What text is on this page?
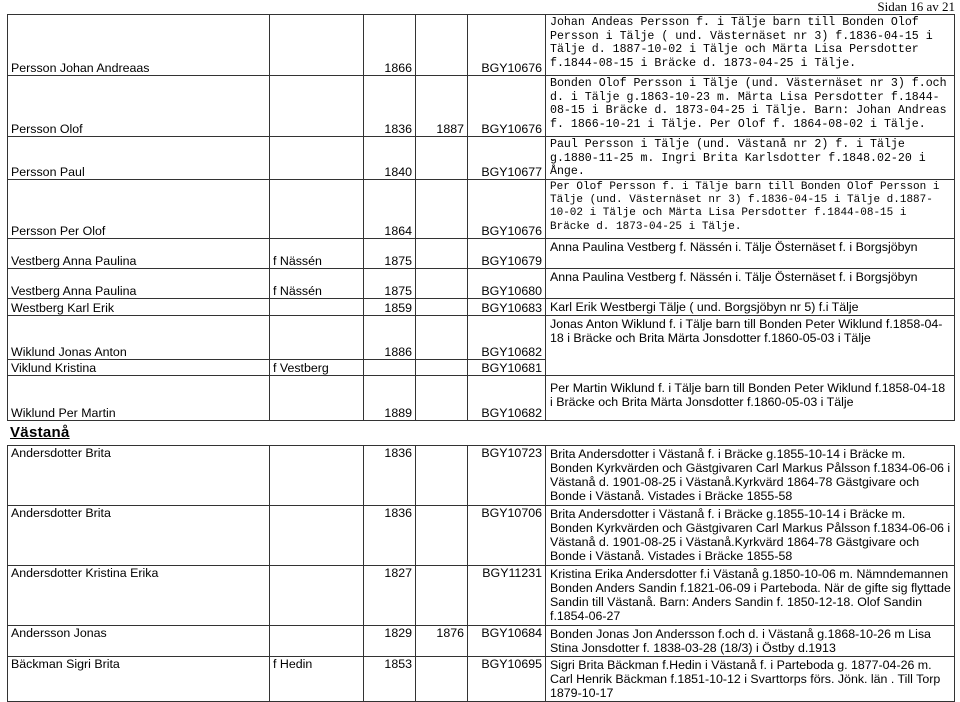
Sidan 16 av 21
Persson Johan Andreaas		1866		BGY10676	Johan Andeas Persson f. i Tälje barn till Bonden Olof Persson i Tälje ( und. Västernäset nr 3) f.1836-04-15 i Tälje d. 1887-10-02 i Tälje och Märta Lisa Persdotter f.1844-08-15 i Bräcke d. 1873-04-25 i Tälje.
Persson Olof		1836	1887	BGY10676	Bonden Olof Persson i Tälje (und. Västernäset nr 3) f.och d. i Tälje g.1863-10-23 m. Märta Lisa Persdotter f.1844-08-15 i Bräcke d. 1873-04-25 i Tälje. Barn: Johan Andreas f. 1866-10-21 i Tälje. Per Olof f. 1864-08-02 i Tälje.
Persson Paul		1840		BGY10677	Paul Persson i Tälje (und. Västanå nr 2) f. i Tälje g.1880-11-25 m. Ingri Brita Karlsdotter f.1848.02-20 i Ånge.
Persson Per Olof		1864		BGY10676	Per Olof Persson f. i Tälje barn till Bonden Olof Persson i Tälje (und. Västernäset nr 3) f.1836-04-15 i Tälje d.1887-10-02 i Tälje och Märta Lisa Persdotter f.1844-08-15 i Bräcke d. 1873-04-25 i Tälje.
Vestberg Anna Paulina	f Nässén	1875		BGY10679	Anna Paulina Vestberg f. Nässén i. Tälje Östernäset f. i Borgsjöbyn
Vestberg Anna Paulina	f Nässén	1875		BGY10680	Anna Paulina Vestberg f. Nässén i. Tälje Östernäset f. i Borgsjöbyn
Westberg Karl Erik		1859		BGY10683	Karl Erik Westbergi Tälje ( und. Borgsjöbyn nr 5) f.i Tälje
Wiklund Jonas Anton		1886		BGY10682	Jonas Anton Wiklund f. i Tälje barn till Bonden Peter Wiklund f.1858-04-18 i Bräcke och Brita Märta Jonsdotter f.1860-05-03 i Tälje
Viklund Kristina	f Vestberg			BGY10681	
Wiklund Per Martin		1889		BGY10682	Per Martin Wiklund f. i Tälje barn till Bonden Peter Wiklund f.1858-04-18 i Bräcke och Brita Märta Jonsdotter f.1860-05-03 i Tälje
Västanå
Andersdotter Brita		1836		BGY10723	Brita Andersdotter i Västanå f. i Bräcke g.1855-10-14 i Bräcke m. Bonden Kyrkvärden och Gästgivaren Carl Markus Pålsson f.1834-06-06 i Västanå d. 1901-08-25 i Västanå.Kyrkvärd 1864-78 Gästgivare och Bonde i Västanå. Vistades i Bräcke 1855-58
Andersdotter Brita		1836		BGY10706	Brita Andersdotter i Västanå f. i Bräcke g.1855-10-14 i Bräcke m. Bonden Kyrkvärden och Gästgivaren Carl Markus Pålsson f.1834-06-06 i Västanå d. 1901-08-25 i Västanå.Kyrkvärd 1864-78 Gästgivare och Bonde i Västanå. Vistades i Bräcke 1855-58
Andersdotter Kristina Erika		1827		BGY11231	Kristina Erika Andersdotter f.i Västanå g.1850-10-06 m. Nämndemannen Bonden Anders Sandin f.1821-06-09 i Parteboda. När de gifte sig flyttade Sandin till Västanå. Barn: Anders Sandin f. 1850-12-18. Olof Sandin f.1854-06-27
Andersson Jonas		1829	1876	BGY10684	Bonden Jonas Jon Andersson f.och d. i Västanå g.1868-10-26 m Lisa Stina Jonsdotter f. 1838-03-28 (18/3) i Östby d.1913
Bäckman Sigri Brita	f Hedin	1853		BGY10695	Sigri Brita Bäckman f.Hedin i Västanå f. i Parteboda g. 1877-04-26 m. Carl Henrik Bäckman f.1851-10-12 i Svarttorps förs. Jönk. län . Till Torp 1879-10-17
